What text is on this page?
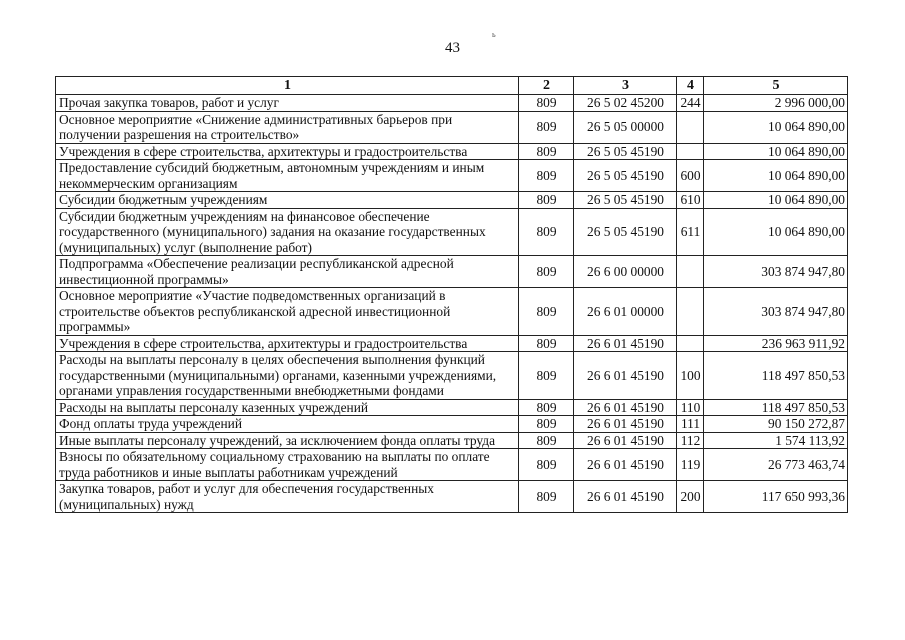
43
ь
1	2	3	4	5
Прочая закупка товаров, работ и услуг	809	26 5 02 45200	244	2 996 000,00
Основное мероприятие «Снижение административных барьеров при получении разрешения на строительство»	809	26 5 05 00000		10 064 890,00
Учреждения в сфере строительства, архитектуры и градостроительства	809	26 5 05 45190		10 064 890,00
Предоставление субсидий бюджетным, автономным учреждениям и иным некоммерческим организациям	809	26 5 05 45190	600	10 064 890,00
Субсидии бюджетным учреждениям	809	26 5 05 45190	610	10 064 890,00
Субсидии бюджетным учреждениям на финансовое обеспечение государственного (муниципального) задания на оказание государственных (муниципальных) услуг (выполнение работ)	809	26 5 05 45190	611	10 064 890,00
Подпрограмма «Обеспечение реализации республиканской адресной инвестиционной программы»	809	26 6 00 00000		303 874 947,80
Основное мероприятие «Участие подведомственных организаций в строительстве объектов республиканской адресной инвестиционной программы»	809	26 6 01 00000		303 874 947,80
Учреждения в сфере строительства, архитектуры и градостроительства	809	26 6 01 45190		236 963 911,92
Расходы на выплаты персоналу в целях обеспечения выполнения функций государственными (муниципальными) органами, казенными учреждениями, органами управления государственными внебюджетными фондами	809	26 6 01 45190	100	118 497 850,53
Расходы на выплаты персоналу казенных учреждений	809	26 6 01 45190	110	118 497 850,53
Фонд оплаты труда учреждений	809	26 6 01 45190	111	90 150 272,87
Иные выплаты персоналу учреждений, за исключением фонда оплаты труда	809	26 6 01 45190	112	1 574 113,92
Взносы по обязательному социальному страхованию на выплаты по оплате труда работников и иные выплаты работникам учреждений	809	26 6 01 45190	119	26 773 463,74
Закупка товаров, работ и услуг для обеспечения государственных (муниципальных) нужд	809	26 6 01 45190	200	117 650 993,36
